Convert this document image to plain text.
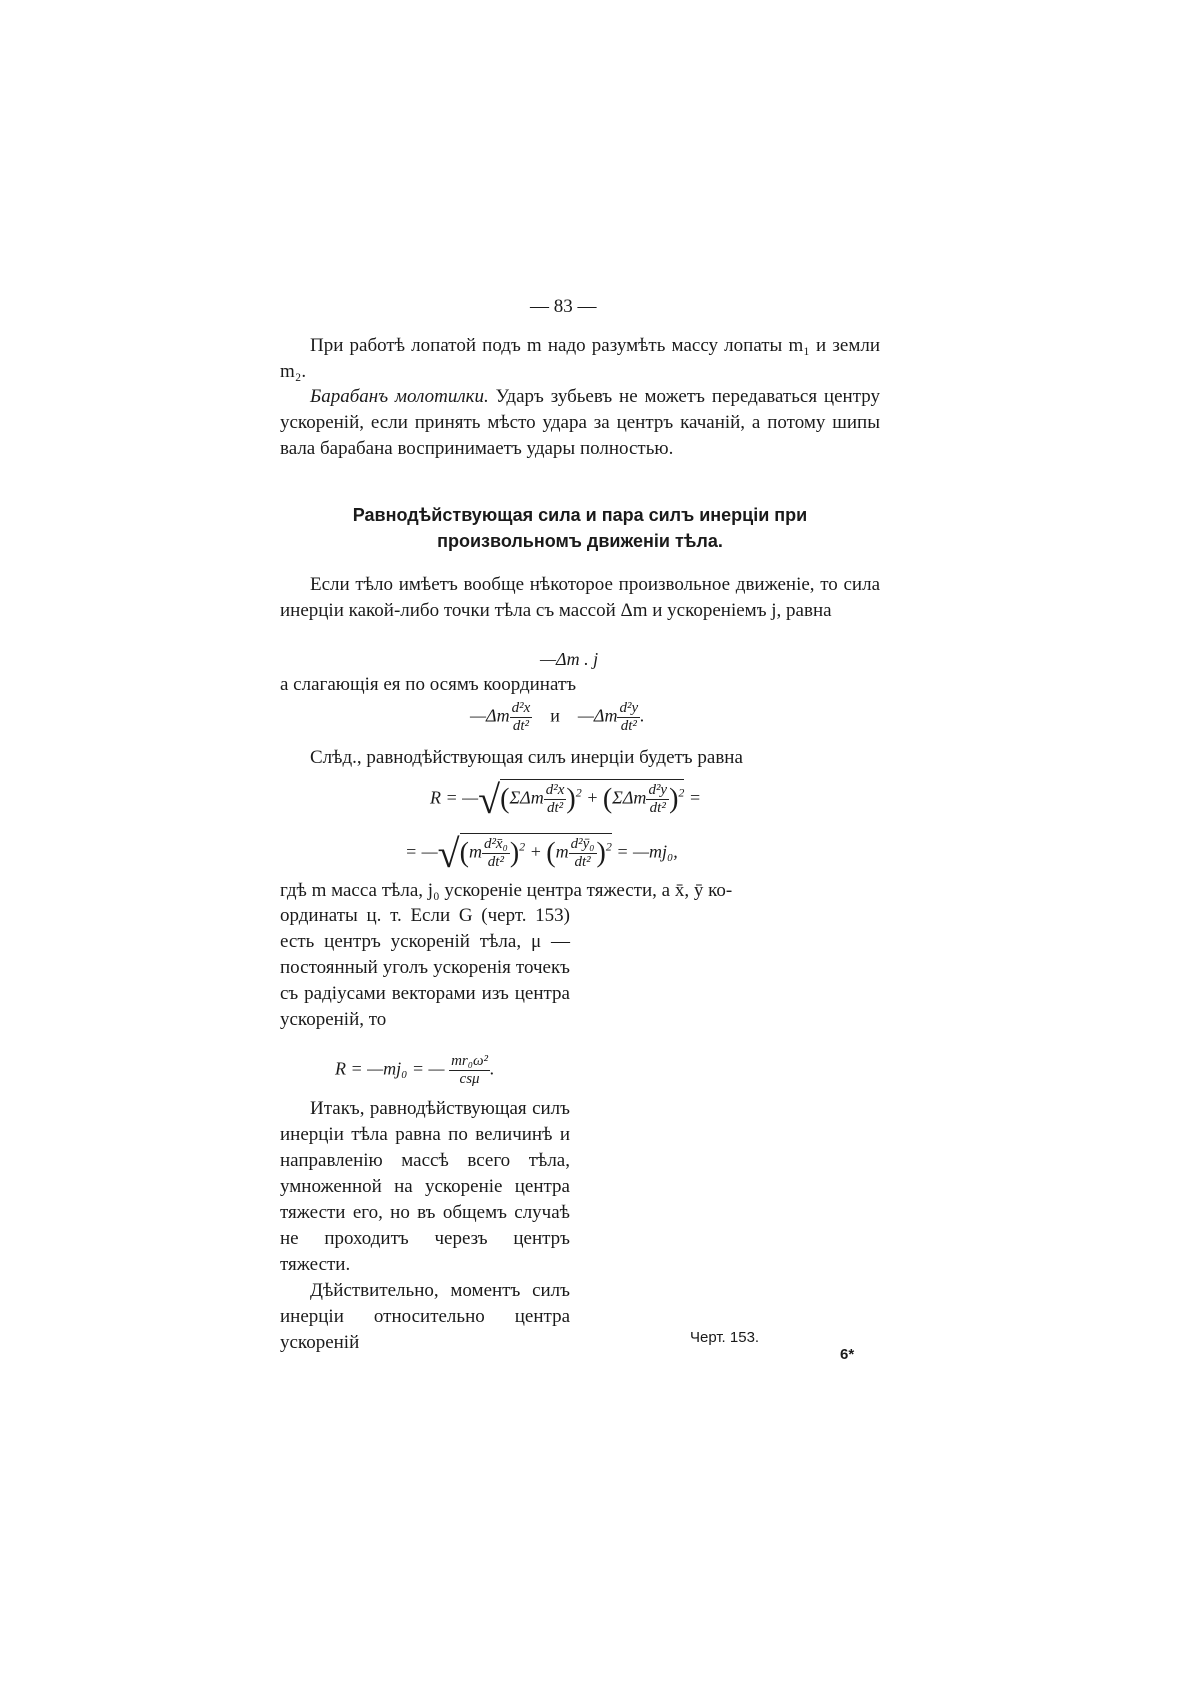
— 83 —
При работѣ лопатой подъ m надо разумѣть массу лопаты m₁ и земли m₂.
Барабанъ молотилки. Ударъ зубьевъ не можетъ передаваться центру ускореній, если принять мѣсто удара за центръ качаній, а потому шипы вала барабана воспринимаетъ удары полностью.
Равнодѣйствующая сила и пара силъ инерціи при произвольномъ движеніи тѣла.
Если тѣло имѣетъ вообще нѣкоторое произвольное движеніе, то сила инерціи какой-либо точки тѣла съ массой Δm и ускореніемъ j, равна
—Δm . j
а слагающія ея по осямъ координатъ
—Δm $\frac{\text{d²x}}{\text{dt²}}$ и —Δm $\frac{\text{d²y}}{\text{dt²}}$ .
Слѣд., равнодѣйствующая силъ инерціи будетъ равна
R = —√(ΣΔm $\frac{\text{d²x}}{\text{dt²}} )^2 + (\Sigma\Delta m \frac{\text{d²y}}{\text{dt²}} )^2$ =
= —√(m $\frac{\text{d²x̄₀}}{\text{dt²}} )^2 + (m \frac{\text{d²ȳ₀}}{\text{dt²}} )^2$ = —mj₀,
гдѣ m масса тѣла, j₀ ускореніе центра тяжести, а x̄, ȳ ко-
ординаты ц. т. Если G (черт. 153) есть центръ ускореній тѣла, μ — постоянный уголъ ускоренія точекъ съ радіусами векторами изъ центра ускореній, то
R = —mj₀ = — $\frac{\text{mr₀ω²}}{\text{csμ}}$ .
Итакъ, равнодѣйствующая силъ инерціи тѣла равна по величинѣ и направленію массѣ всего тѣла, умноженной на ускореніе центра тяжести его, но въ общемъ случаѣ не проходитъ черезъ центръ тяжести.
Дѣйствительно, моментъ силъ инерціи относительно центра ускореній	Черт. 153.
6*
